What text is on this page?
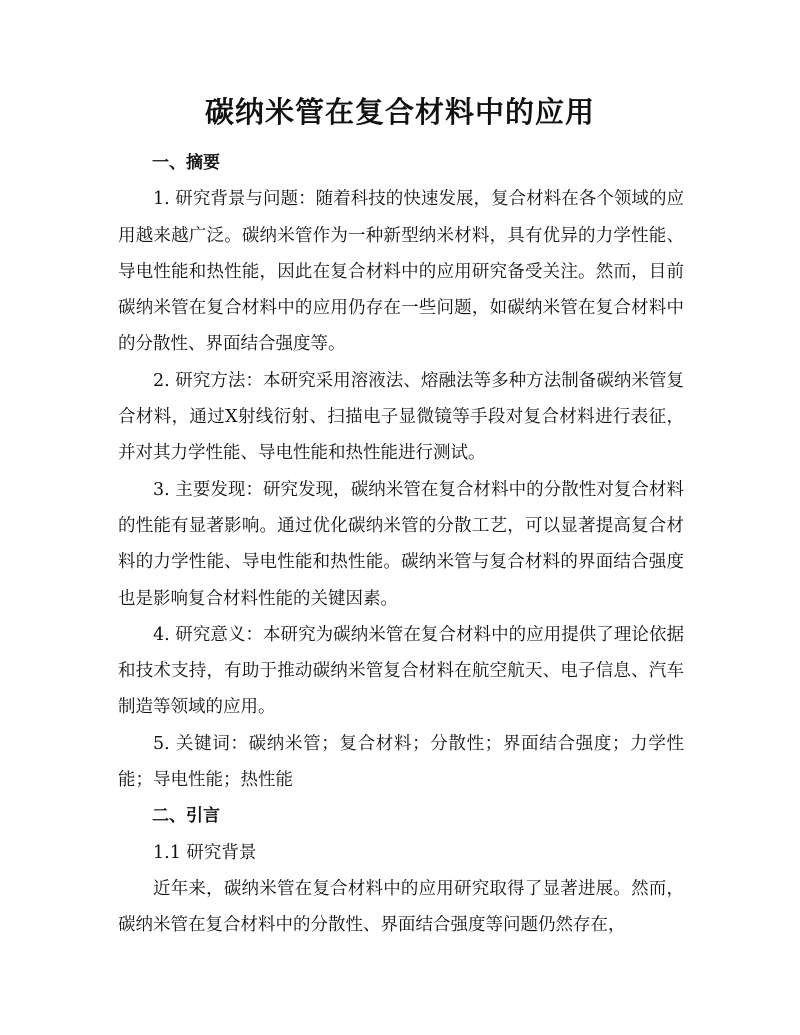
碳纳米管在复合材料中的应用

一、摘要

1. 研究背景与问题：随着科技的快速发展，复合材料在各个领域的应用越来越广泛。碳纳米管作为一种新型纳米材料，具有优异的力学性能、导电性能和热性能，因此在复合材料中的应用研究备受关注。然而，目前碳纳米管在复合材料中的应用仍存在一些问题，如碳纳米管在复合材料中的分散性、界面结合强度等。

2. 研究方法：本研究采用溶液法、熔融法等多种方法制备碳纳米管复合材料，通过X射线衍射、扫描电子显微镜等手段对复合材料进行表征，并对其力学性能、导电性能和热性能进行测试。

3. 主要发现：研究发现，碳纳米管在复合材料中的分散性对复合材料的性能有显著影响。通过优化碳纳米管的分散工艺，可以显著提高复合材料的力学性能、导电性能和热性能。碳纳米管与复合材料的界面结合强度也是影响复合材料性能的关键因素。

4. 研究意义：本研究为碳纳米管在复合材料中的应用提供了理论依据和技术支持，有助于推动碳纳米管复合材料在航空航天、电子信息、汽车制造等领域的应用。

5. 关键词：碳纳米管；复合材料；分散性；界面结合强度；力学性能；导电性能；热性能

二、引言

1.1 研究背景

近年来，碳纳米管在复合材料中的应用研究取得了显著进展。然而，碳纳米管在复合材料中的分散性、界面结合强度等问题仍然存在，
